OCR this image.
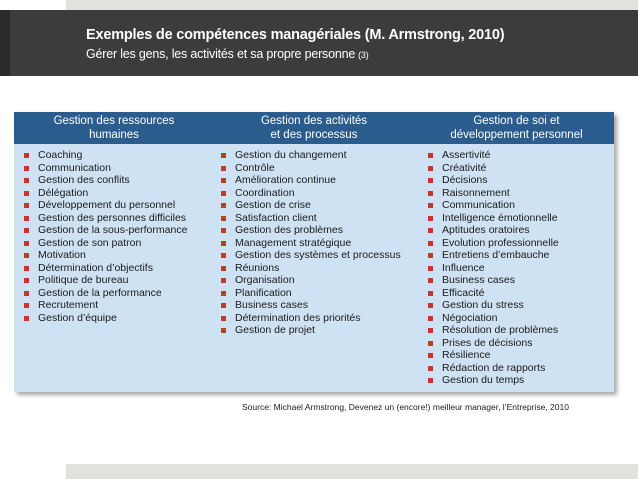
Exemples de compétences managériales (M. Armstrong, 2010)
Gérer les gens, les activités et sa propre personne (3)
Gestion des ressources
humaines
Gestion des activités
et des processus
Gestion de soi et
développement personnel
Coaching
Communication
Gestion des conflits
Délégation
Développement du personnel
Gestion des personnes difficiles
Gestion de la sous-performance
Gestion de son patron
Motivation
Détermination d’objectifs
Politique de bureau
Gestion de la performance
Recrutement
Gestion d’équipe
Gestion du changement
Contrôle
Amélioration continue
Coordination
Gestion de crise
Satisfaction client
Gestion des problèmes
Management stratégique
Gestion des systèmes et processus
Réunions
Organisation
Planification
Business cases
Détermination des priorités
Gestion de projet
Assertivité
Créativité
Décisions
Raisonnement
Communication
Intelligence émotionnelle
Aptitudes oratoires
Evolution professionnelle
Entretiens d’embauche
Influence
Business cases
Efficacité
Gestion du stress
Négociation
Résolution de problèmes
Prises de décisions
Résilience
Rédaction de rapports
Gestion du temps
Source: Michael Armstrong, Devenez un (encore!) meilleur manager, l’Entreprise, 2010
